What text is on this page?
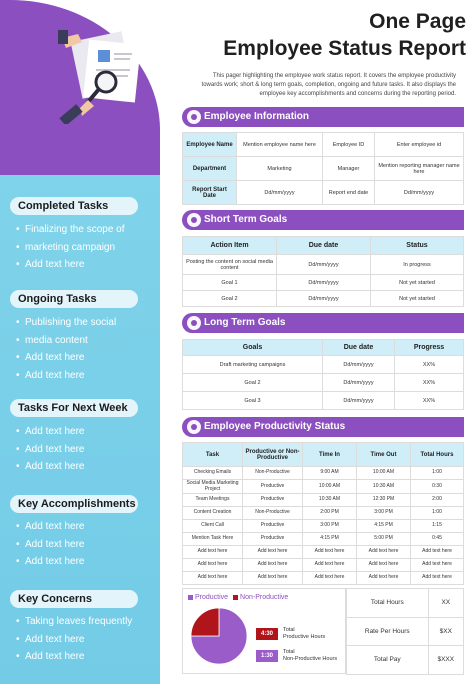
Completed Tasks
• Finalizing the scope of
• marketing campaign
• Add text here
Ongoing Tasks
• Publishing the social
• media content
• Add text here
• Add text here
Tasks For Next Week
• Add text here
• Add text here
• Add text here
Key Accomplishments
• Add text here
• Add text here
• Add text here
Key Concerns
• Taking leaves frequently
• Add text here
• Add text here
One Page
Employee Status Report
This pager highlighting the employee work status report. It covers the employee productivity
towards work; short & long term goals, completion, ongoing and future tasks. It also displays the
employee key accomplishments and concerns during the reporting period.
Employee Information
Employee Name	Mention employee name here	Employee ID	Enter employee id
Department	Marketing	Manager	Mention reporting manager name here
Report Start Date	Dd/mm/yyyy	Report end date	Dd/mm/yyyy
Short Term Goals
Action Item	Due date	Status
Posting the content on social media content	Dd/mm/yyyy	In progress
Goal 1	Dd/mm/yyyy	Not yet started
Goal 2	Dd/mm/yyyy	Not yet started
Long Term Goals
Goals	Due date	Progress
Draft marketing campaigns	Dd/mm/yyyy	XX%
Goal 2	Dd/mm/yyyy	XX%
Goal 3	Dd/mm/yyyy	XX%
Employee Productivity Status
Task	Productive or Non-Productive	Time In	Time Out	Total Hours
Checking Emails	Non-Productive	9:00 AM	10:00 AM	1:00
Social Media Marketing Project	Productive	10:00 AM	10:30 AM	0:30
Team Meetings	Productive	10:30 AM	12:30 PM	2:00
Content Creation	Non-Productive	2:00 PM	3:00 PM	1:00
Client Call	Productive	3:00 PM	4:15 PM	1:15
Mention Task Here	Productive	4:15 PM	5:00 PM	0:45
Add text here	Add text here	Add text here	Add text here	Add text here
Add text here	Add text here	Add text here	Add text here	Add text here
Add text here	Add text here	Add text here	Add text here	Add text here
Productive Non-Productive
4:30
Total
Productive Hours
1:30
Total
Non-Productive Hours
Total Hours	XX
Rate Per Hours	$XX
Total Pay	$XXX
